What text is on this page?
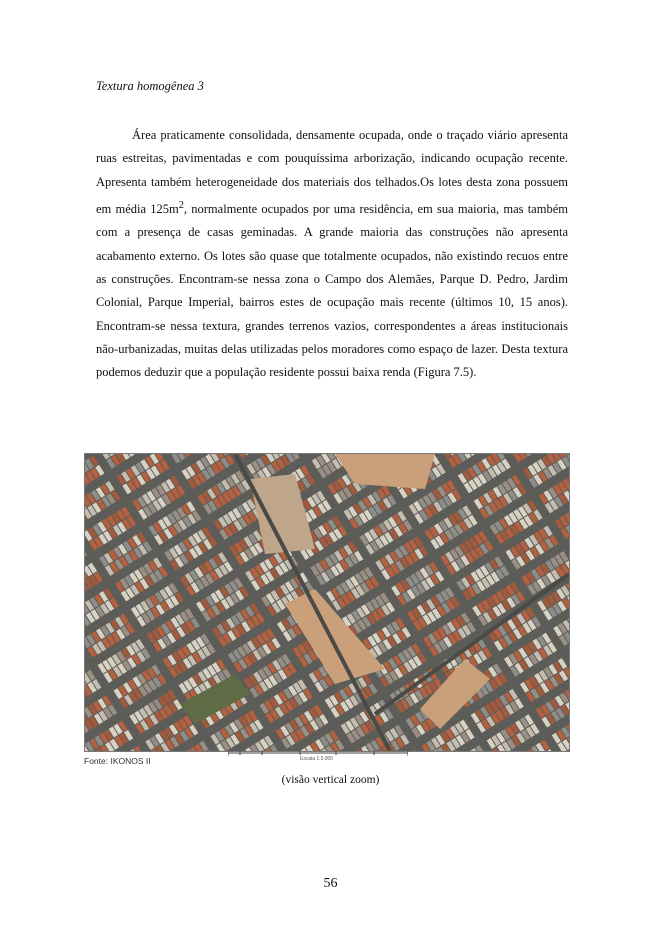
Textura homogênea 3

Área praticamente consolidada, densamente ocupada, onde o traçado viário apresenta ruas estreitas, pavimentadas e com pouquíssima arborização, indicando ocupação recente. Apresenta também heterogeneidade dos materiais dos telhados.Os lotes desta zona possuem em média $125m^2$, normalmente ocupados por uma residência, em sua maioria, mas também com a presença de casas geminadas. A grande maioria das construções não apresenta acabamento externo. Os lotes são quase que totalmente ocupados, não existindo recuos entre as construções. Encontram-se nessa zona o Campo dos Alemães, Parque D. Pedro, Jardim Colonial, Parque Imperial, bairros estes de ocupação mais recente (últimos 10, 15 anos). Encontram-se nessa textura, grandes terrenos vazios, correspondentes a áreas institucionais não-urbanizadas, muitas delas utilizadas pelos moradores como espaço de lazer. Desta textura podemos deduzir que a população residente possui baixa renda (Figura 7.5).

Escala 1:5.000
Fonte: IKONOS II
(visão vertical zoom)
56
